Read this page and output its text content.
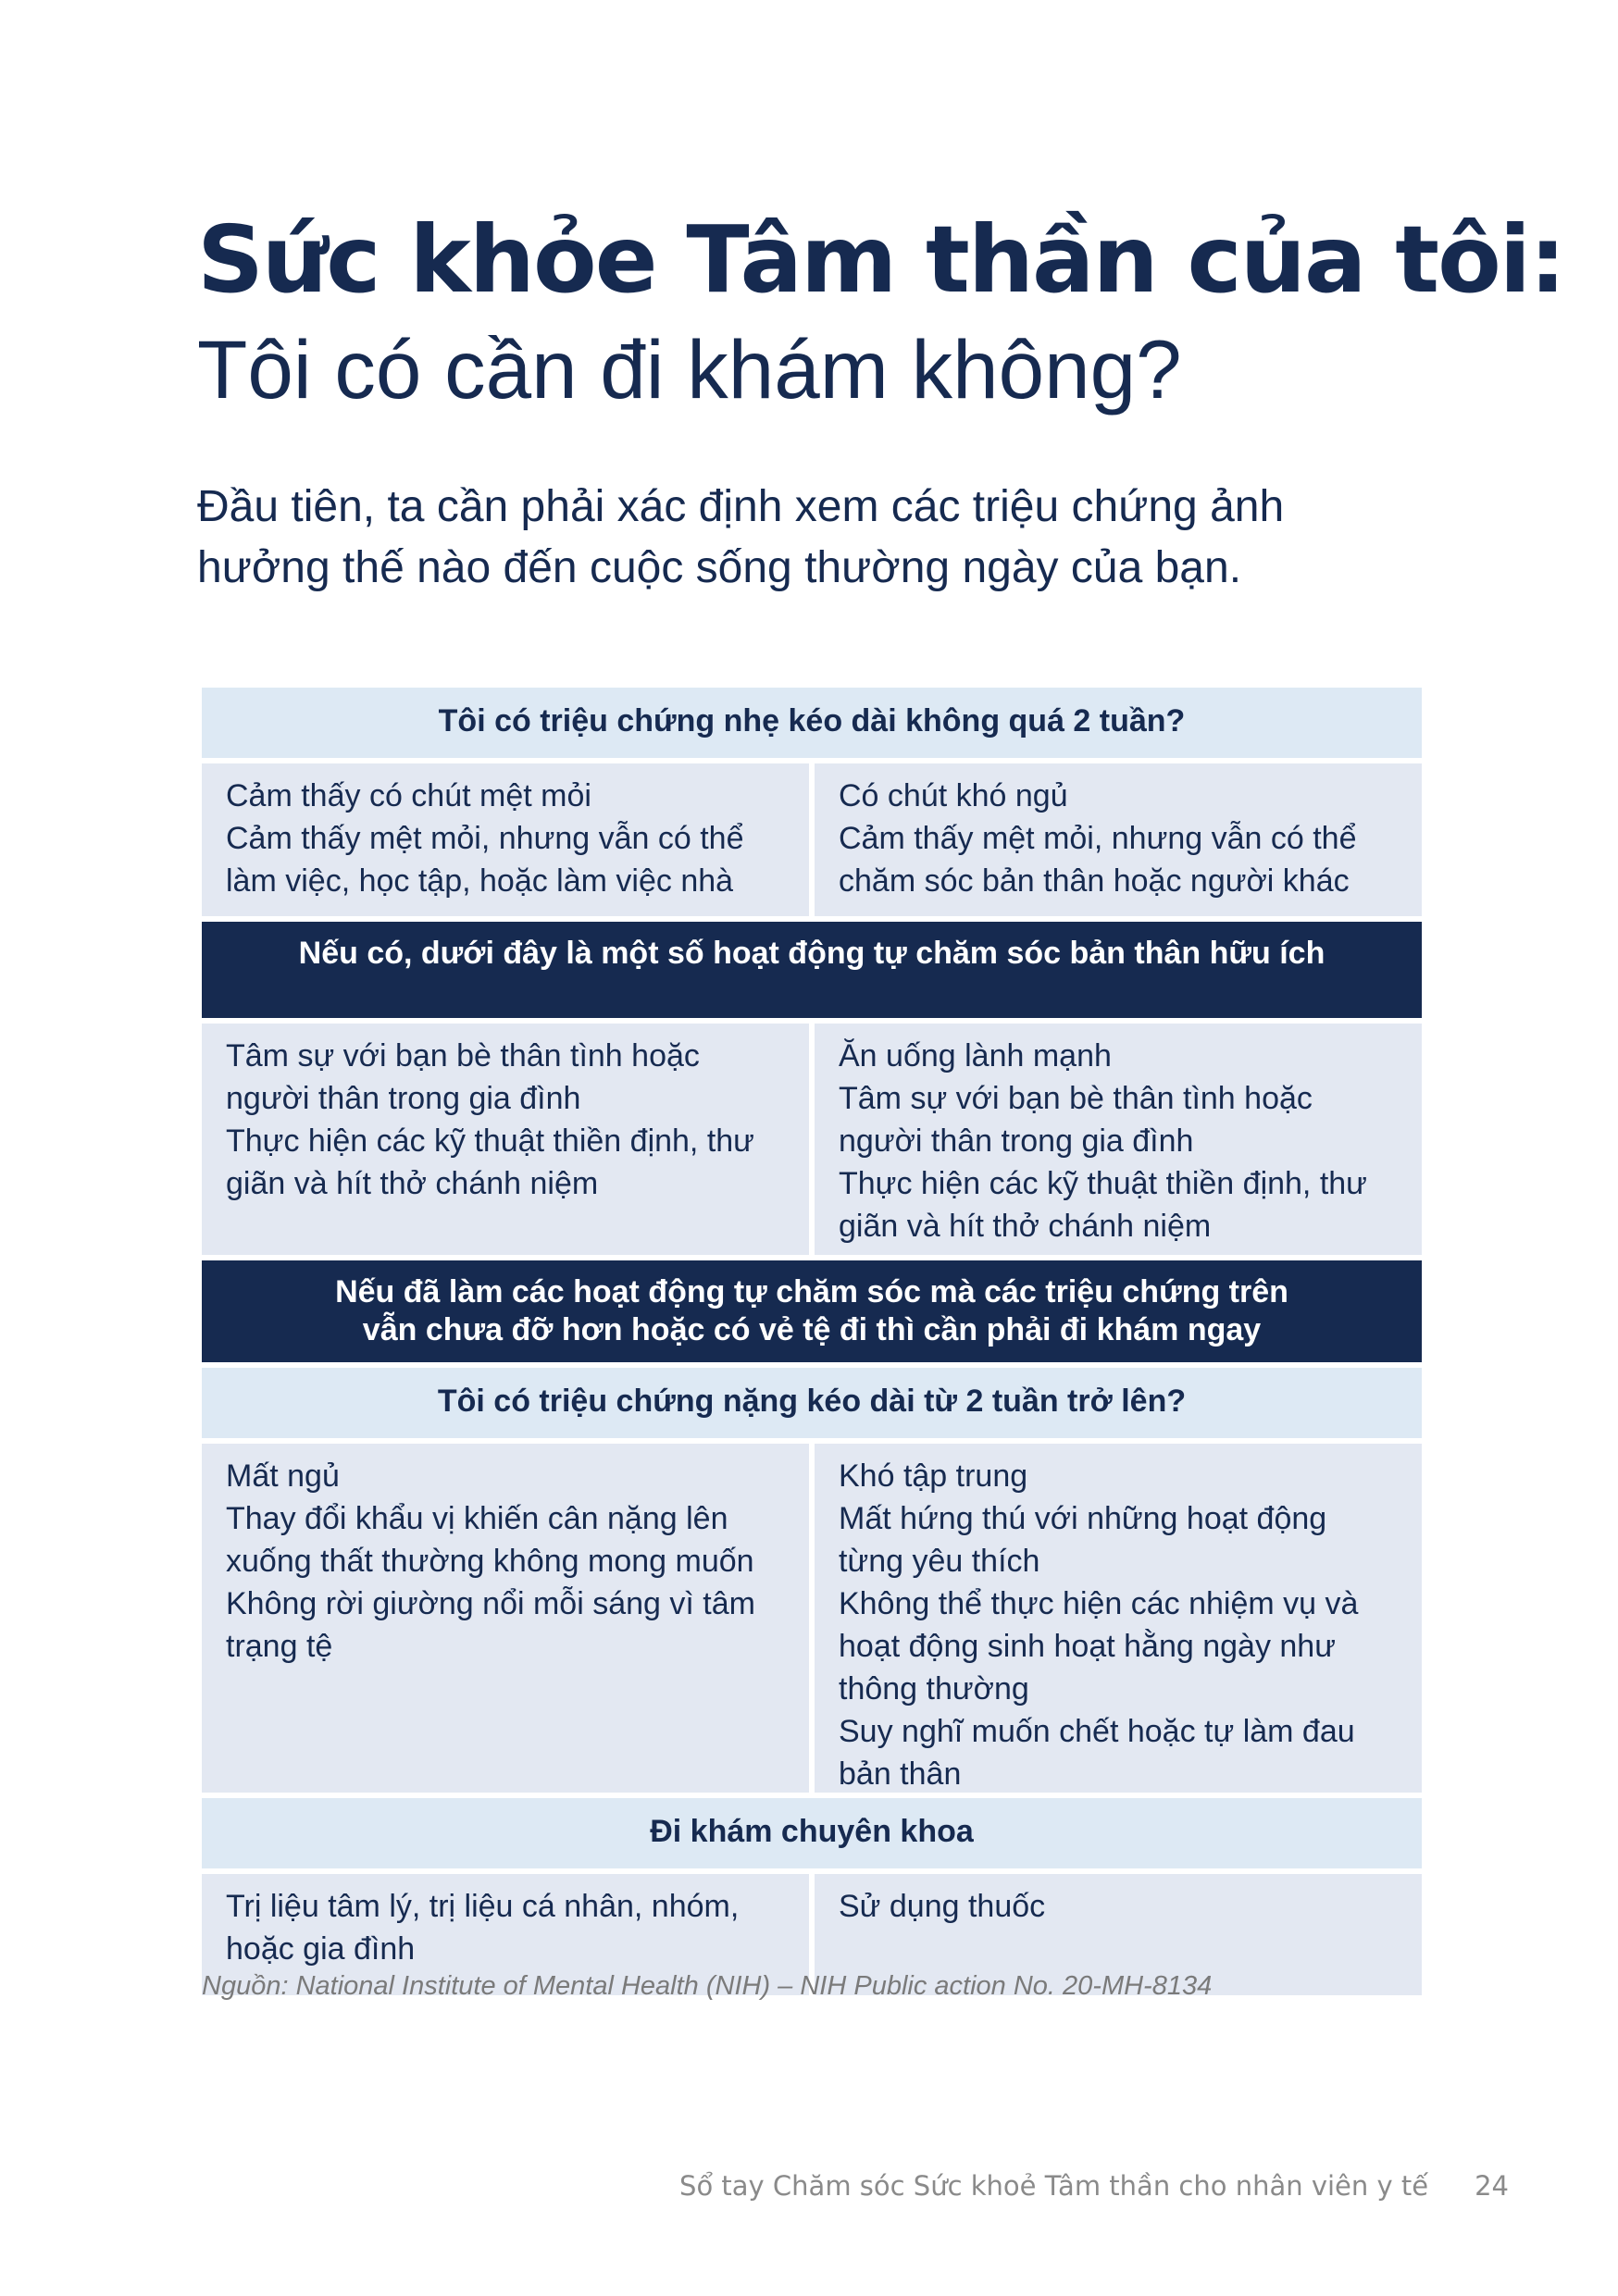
Sức khỏe Tâm thần của tôi:
Tôi có cần đi khám không?

Đầu tiên, ta cần phải xác định xem các triệu chứng ảnh hưởng thế nào đến cuộc sống thường ngày của bạn.

Tôi có triệu chứng nhẹ kéo dài không quá 2 tuần?

Cảm thấy có chút mệt mỏi

Cảm thấy mệt mỏi, nhưng vẫn có thể làm việc, học tập, hoặc làm việc nhà

Có chút khó ngủ

Cảm thấy mệt mỏi, nhưng vẫn có thể chăm sóc bản thân hoặc người khác

Nếu có, dưới đây là một số hoạt động tự chăm sóc bản thân hữu ích

Tâm sự với bạn bè thân tình hoặc người thân trong gia đình

Thực hiện các kỹ thuật thiền định, thư giãn và hít thở chánh niệm

Ăn uống lành mạnh

Tâm sự với bạn bè thân tình hoặc người thân trong gia đình

Thực hiện các kỹ thuật thiền định, thư giãn và hít thở chánh niệm

Nếu đã làm các hoạt động tự chăm sóc mà các triệu chứng trên
vẫn chưa đỡ hơn hoặc có vẻ tệ đi thì cần phải đi khám ngay
Tôi có triệu chứng nặng kéo dài từ 2 tuần trở lên?

Mất ngủ

Thay đổi khẩu vị khiến cân nặng lên xuống thất thường không mong muốn

Không rời giường nổi mỗi sáng vì tâm trạng tệ

Khó tập trung

Mất hứng thú với những hoạt động từng yêu thích

Không thể thực hiện các nhiệm vụ và hoạt động sinh hoạt hằng ngày như thông thường

Suy nghĩ muốn chết hoặc tự làm đau bản thân

Đi khám chuyên khoa

Trị liệu tâm lý, trị liệu cá nhân, nhóm, hoặc gia đình

Sử dụng thuốc

Nguồn: National Institute of Mental Health (NIH) – NIH Public action No. 20-MH-8134

Sổ tay Chăm sóc Sức khoẻ Tâm thần cho nhân viên y tế 24
